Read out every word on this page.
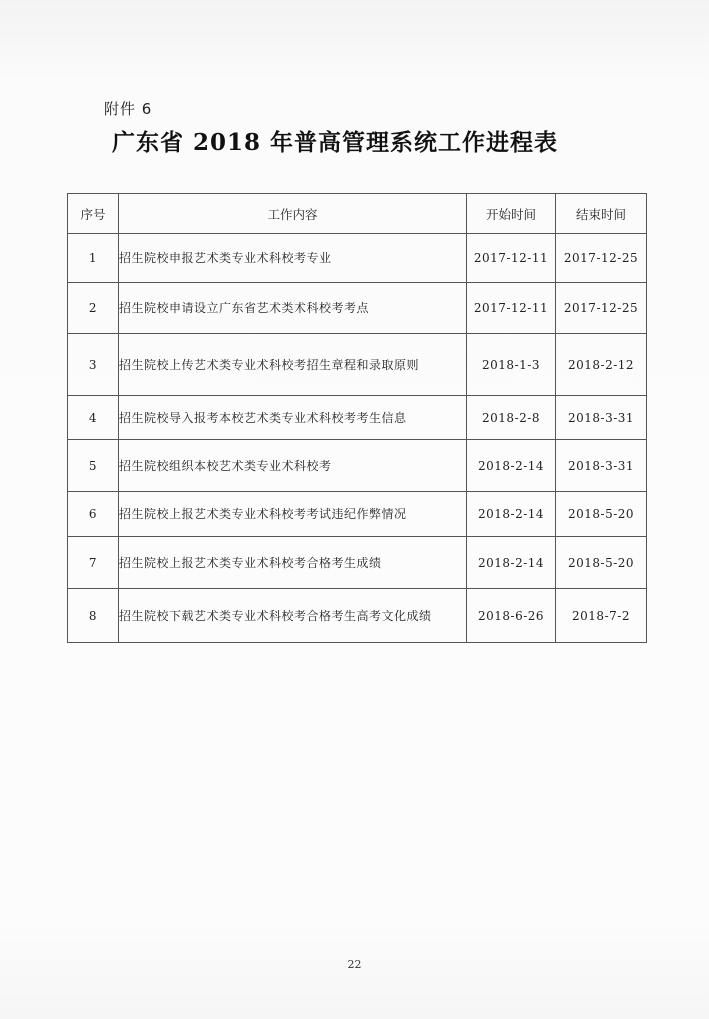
附件 6
广东省 2018 年普高管理系统工作进程表
序号	工作内容	开始时间	结束时间
1	招生院校申报艺术类专业术科校考专业	2017-12-11	2017-12-25
2	招生院校申请设立广东省艺术类术科校考考点	2017-12-11	2017-12-25
3	招生院校上传艺术类专业术科校考招生章程和录取原则	2018-1-3	2018-2-12
4	招生院校导入报考本校艺术类专业术科校考考生信息	2018-2-8	2018-3-31
5	招生院校组织本校艺术类专业术科校考	2018-2-14	2018-3-31
6	招生院校上报艺术类专业术科校考考试违纪作弊情况	2018-2-14	2018-5-20
7	招生院校上报艺术类专业术科校考合格考生成绩	2018-2-14	2018-5-20
8	招生院校下载艺术类专业术科校考合格考生高考文化成绩	2018-6-26	2018-7-2
22
